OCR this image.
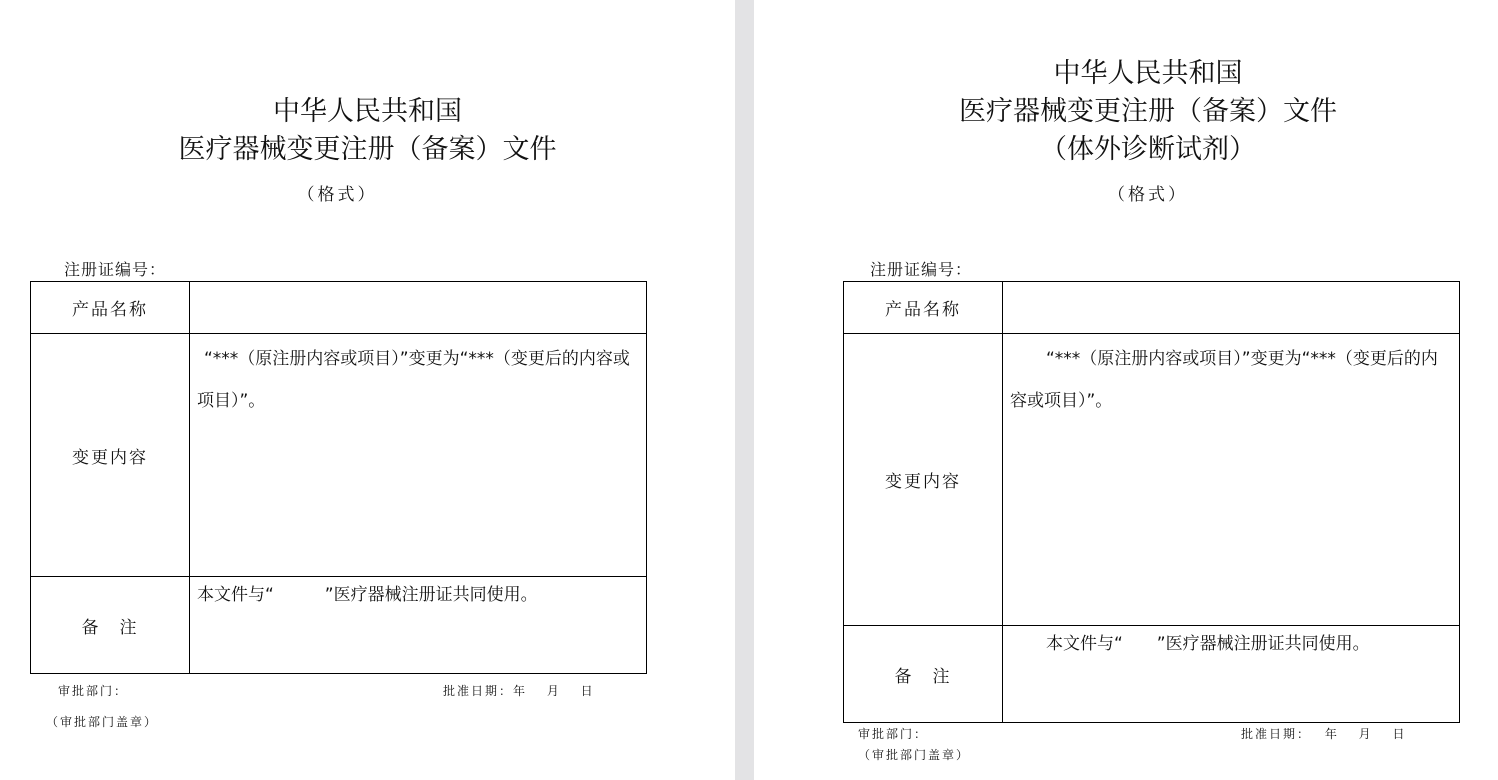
中华人民共和国
医疗器械变更注册（备案）文件
（格式）
注册证编号：
产品名称	
变更内容	“***（原注册内容或项目）”变更为“***（变更后的内容或项目）”。

备　注	本文件与“　　　”医疗器械注册证共同使用。
审批部门：	批准日期：年　 月　 日
（审批部门盖章）
中华人民共和国
医疗器械变更注册（备案）文件
（体外诊断试剂）
（格式）
注册证编号：
产品名称	
变更内容	“***（原注册内容或项目）”变更为“***（变更后的内容或项目）”。

备　注	本文件与“　　”医疗器械注册证共同使用。
审批部门：	批准日期：　 年　 月　 日
（审批部门盖章）
